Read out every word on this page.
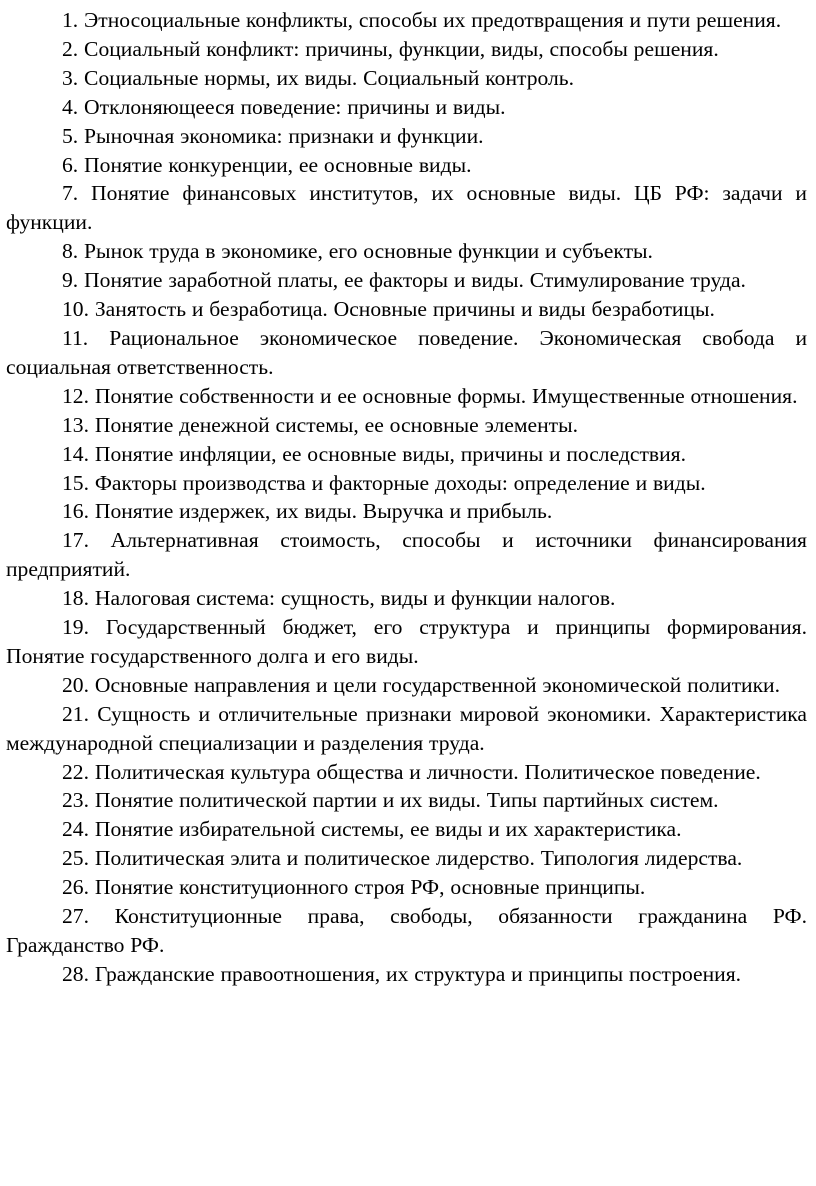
1. Этносоциальные конфликты, способы их предотвращения и пути решения.

2. Социальный конфликт: причины, функции, виды, способы решения.

3. Социальные нормы, их виды. Социальный контроль.

4. Отклоняющееся поведение: причины и виды.

5. Рыночная экономика: признаки и функции.

6. Понятие конкуренции, ее основные виды.

7. Понятие финансовых институтов, их основные виды. ЦБ РФ: задачи и функции.

8. Рынок труда в экономике, его основные функции и субъекты.

9. Понятие заработной платы, ее факторы и виды. Стимулирование труда.

10. Занятость и безработица. Основные причины и виды безработицы.

11. Рациональное экономическое поведение. Экономическая свобода и социальная ответственность.

12. Понятие собственности и ее основные формы. Имущественные отношения.

13. Понятие денежной системы, ее основные элементы.

14. Понятие инфляции, ее основные виды, причины и последствия.

15. Факторы производства и факторные доходы: определение и виды.

16. Понятие издержек, их виды. Выручка и прибыль.

17. Альтернативная стоимость, способы и источники финансирования предприятий.

18. Налоговая система: сущность, виды и функции налогов.

19. Государственный бюджет, его структура и принципы формирования. Понятие государственного долга и его виды.

20. Основные направления и цели государственной экономической политики.

21. Сущность и отличительные признаки мировой экономики. Характеристика международной специализации и разделения труда.

22. Политическая культура общества и личности. Политическое поведение.

23. Понятие политической партии и их виды. Типы партийных систем.

24. Понятие избирательной системы, ее виды и их характеристика.

25. Политическая элита и политическое лидерство. Типология лидерства.

26. Понятие конституционного строя РФ, основные принципы.

27. Конституционные права, свободы, обязанности гражданина РФ. Гражданство РФ.

28. Гражданские правоотношения, их структура и принципы построения.
